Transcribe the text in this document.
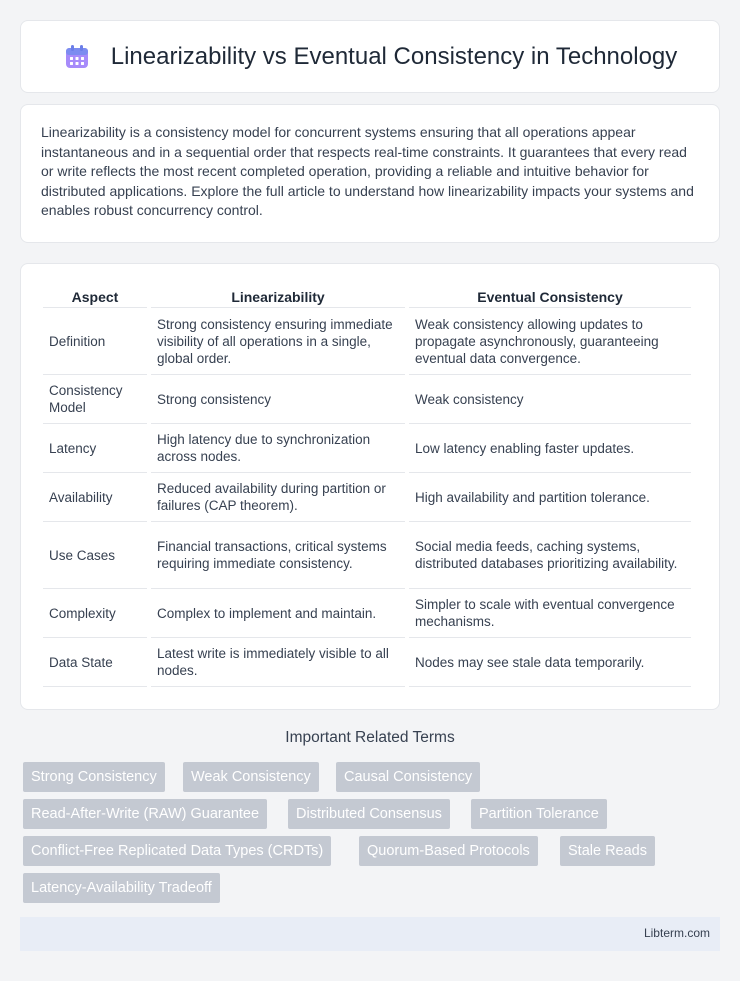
Linearizability vs Eventual Consistency in Technology

Linearizability is a consistency model for concurrent systems ensuring that all operations appear instantaneous and in a sequential order that respects real-time constraints. It guarantees that every read or write reflects the most recent completed operation, providing a reliable and intuitive behavior for distributed applications. Explore the full article to understand how linearizability impacts your systems and enables robust concurrency control.

Aspect	Linearizability	Eventual Consistency
Definition	Strong consistency ensuring immediate visibility of all operations in a single, global order.	Weak consistency allowing updates to propagate asynchronously, guaranteeing eventual data convergence.
Consistency Model	Strong consistency	Weak consistency
Latency	High latency due to synchronization across nodes.	Low latency enabling faster updates.
Availability	Reduced availability during partition or failures (CAP theorem).	High availability and partition tolerance.
Use Cases	Financial transactions, critical systems requiring immediate consistency.	Social media feeds, caching systems, distributed databases prioritizing availability.
Complexity	Complex to implement and maintain.	Simpler to scale with eventual convergence mechanisms.
Data State	Latest write is immediately visible to all nodes.	Nodes may see stale data temporarily.
Important Related Terms
Strong Consistency	Weak Consistency	Causal Consistency
Read-After-Write (RAW) Guarantee	Distributed Consensus	Partition Tolerance
Conflict-Free Replicated Data Types (CRDTs)	Quorum-Based Protocols	Stale Reads
Latency-Availability Tradeoff
Libterm.com
